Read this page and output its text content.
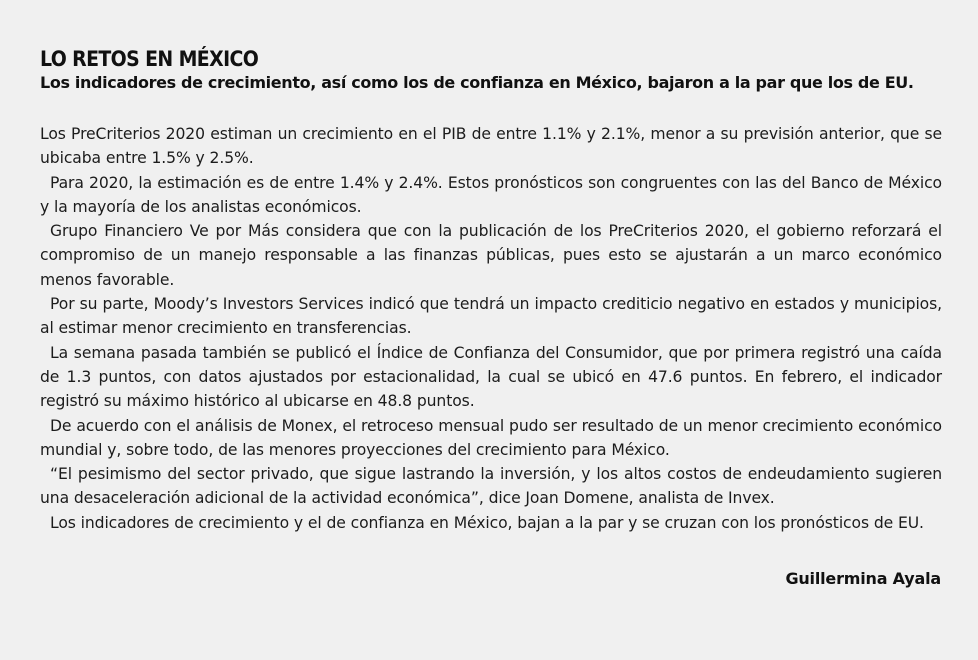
LO RETOS EN MÉXICO

Los indicadores de crecimiento, así como los de confianza en México, bajaron a la par que los de EU.

Los PreCriterios 2020 estiman un crecimiento en el PIB de entre 1.1% y 2.1%, menor a su previsión anterior, que se ubicaba entre 1.5% y 2.5%.

Para 2020, la estimación es de entre 1.4% y 2.4%. Estos pronósticos son congruentes con las del Banco de México y la mayoría de los analistas económicos.

Grupo Financiero Ve por Más considera que con la publicación de los PreCriterios 2020, el gobierno reforzará el compromiso de un manejo responsable a las finanzas públicas, pues esto se ajustarán a un marco económico menos favorable.

Por su parte, Moody’s Investors Services indicó que tendrá un impacto crediticio negativo en estados y municipios, al estimar menor crecimiento en transferencias.

La semana pasada también se publicó el Índice de Confianza del Consumidor, que por primera registró una caída de 1.3 puntos, con datos ajustados por estacionalidad, la cual se ubicó en 47.6 puntos. En febrero, el indicador registró su máximo histórico al ubicarse en 48.8 puntos.

De acuerdo con el análisis de Monex, el retroceso mensual pudo ser resultado de un menor crecimiento económico mundial y, sobre todo, de las menores proyecciones del crecimiento para México.

“El pesimismo del sector privado, que sigue lastrando la inversión, y los altos costos de endeudamiento sugieren una desaceleración adicional de la actividad económica”, dice Joan Domene, analista de Invex.

Los indicadores de crecimiento y el de confianza en México, bajan a la par y se cruzan con los pronósticos de EU.

Guillermina Ayala
